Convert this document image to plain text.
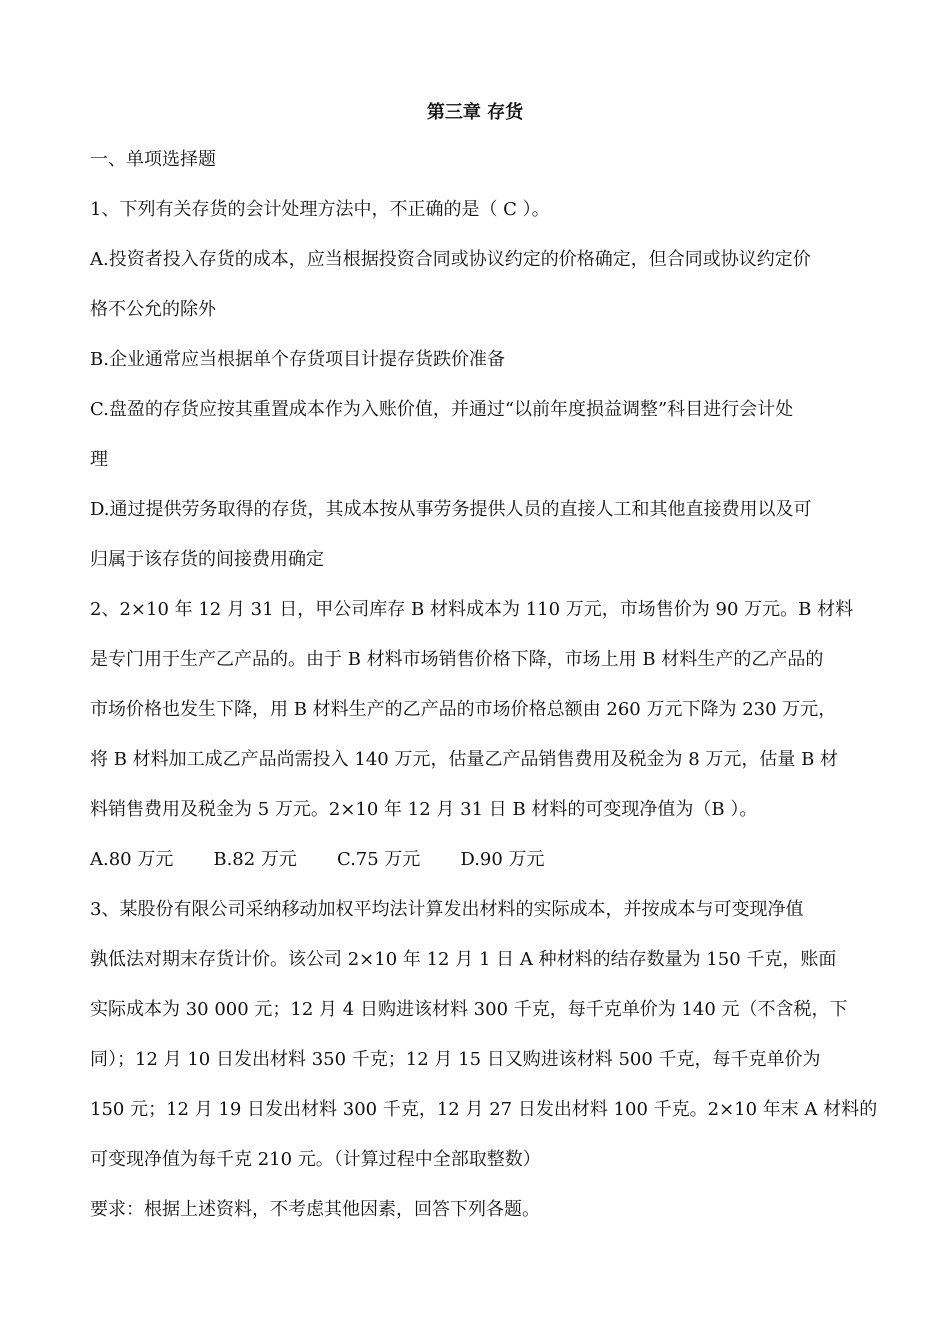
第三章 存货
一、单项选择题
1、下列有关存货的会计处理方法中，不正确的是（ C ）。
A.投资者投入存货的成本，应当根据投资合同或协议约定的价格确定，但合同或协议约定价
格不公允的除外
B.企业通常应当根据单个存货项目计提存货跌价准备
C.盘盈的存货应按其重置成本作为入账价值，并通过“以前年度损益调整”科目进行会计处
理
D.通过提供劳务取得的存货，其成本按从事劳务提供人员的直接人工和其他直接费用以及可
归属于该存货的间接费用确定
2、2×10 年 12 月 31 日，甲公司库存 B 材料成本为 110 万元，市场售价为 90 万元。B 材料
是专门用于生产乙产品的。由于 B 材料市场销售价格下降，市场上用 B 材料生产的乙产品的
市场价格也发生下降，用 B 材料生产的乙产品的市场价格总额由 260 万元下降为 230 万元，
将 B 材料加工成乙产品尚需投入 140 万元，估量乙产品销售费用及税金为 8 万元，估量 B 材
料销售费用及税金为 5 万元。2×10 年 12 月 31 日 B 材料的可变现净值为（B ）。
A.80 万元 B.82 万元 C.75 万元 D.90 万元
3、某股份有限公司采纳移动加权平均法计算发出材料的实际成本，并按成本与可变现净值
孰低法对期末存货计价。该公司 2×10 年 12 月 1 日 A 种材料的结存数量为 150 千克，账面
实际成本为 30 000 元；12 月 4 日购进该材料 300 千克，每千克单价为 140 元（不含税，下
同）；12 月 10 日发出材料 350 千克；12 月 15 日又购进该材料 500 千克，每千克单价为
150 元；12 月 19 日发出材料 300 千克，12 月 27 日发出材料 100 千克。2×10 年末 A 材料的
可变现净值为每千克 210 元。（计算过程中全部取整数）
要求：根据上述资料，不考虑其他因素，回答下列各题。
